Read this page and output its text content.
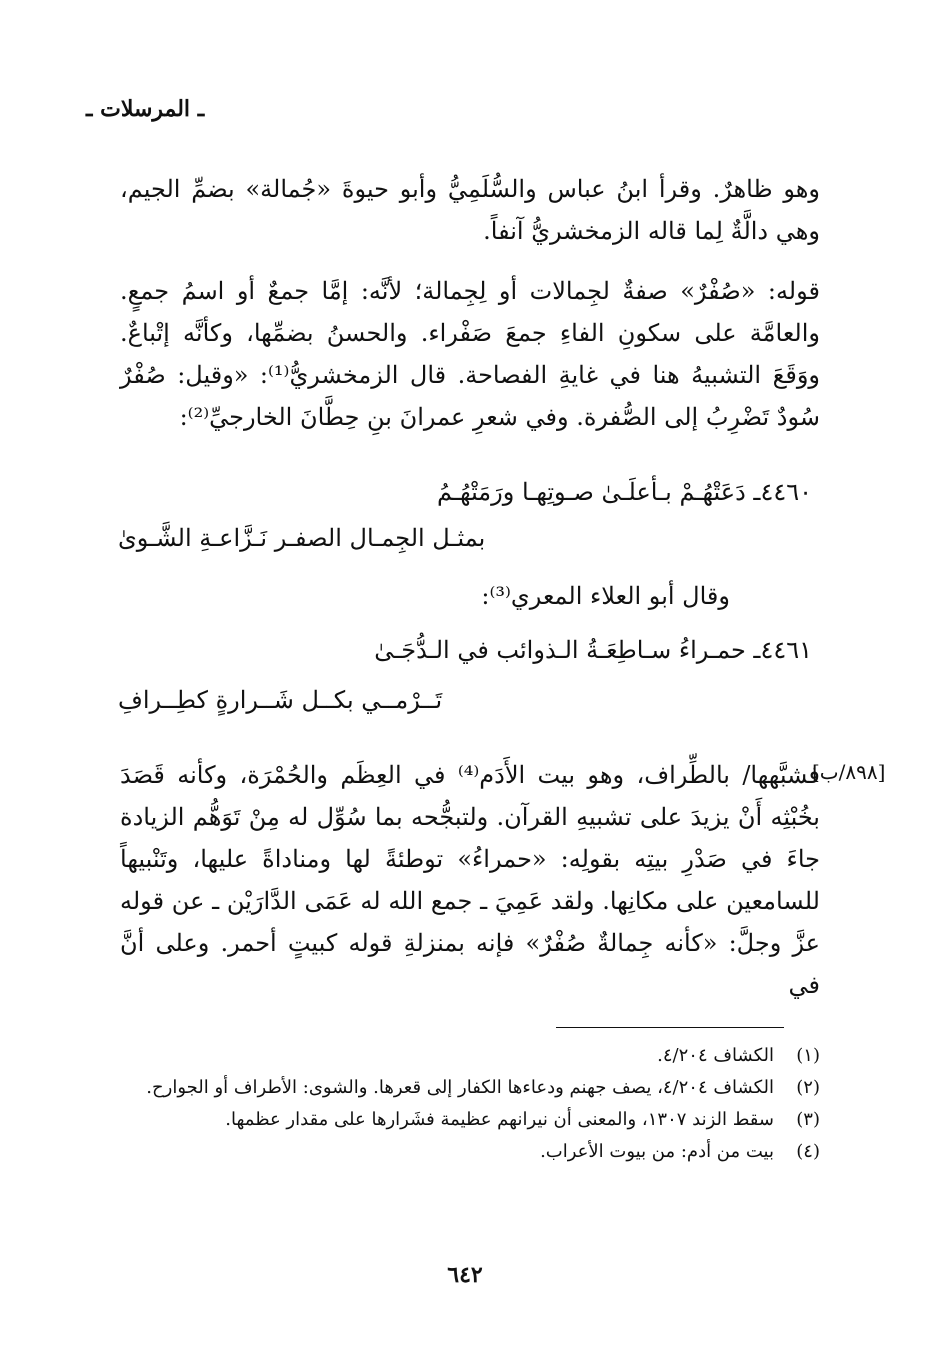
ـ المرسلات ـ
وهو ظاهرٌ. وقرأ ابنُ عباس والسُّلَمِيُّ وأبو حيوةَ «جُمالة» بضمِّ الجيم، وهي دالَّةٌ لِما قاله الزمخشريُّ آنفاً.
قوله: «صُفْرٌ» صفةٌ لجِمالات أو لِجِمالة؛ لأنَّه: إمَّا جمعٌ أو اسمُ جمعٍ. والعامَّة على سكونِ الفاءِ جمعَ صَفْراء. والحسنُ بضمِّها، وكأنَّه إتْباعٌ. ووَقَعَ التشبيهُ هنا في غايةِ الفصاحة. قال الزمخشريُّ⁽¹⁾: «وقيل: صُفْرٌ سُودٌ تَضْرِبُ إلى الصُّفرة. وفي شعرِ عمرانَ بنِ حِطَّانَ الخارجيِّ⁽²⁾:
٤٤٦٠ـ دَعَتْهُـمْ بـأعلَـىٰ صـوتِهـا ورَمَتْهُـمُ
بمثـل الجِمـال الصفـر نَـزَّاعـةِ الشَّـوىٰ
وقال أبو العلاء المعري⁽³⁾:
٤٤٦١ـ حمـراءُ سـاطِعَـةُ الـذوائب في الـدُّجَـىٰ
تَــرْمــي بكــل شَــرارةٍ كطِــرافِ
[٨٩٨/ب]
فشبَّهها/ بالطِّراف، وهو بيت الأَدَم⁽⁴⁾ في العِظَم والحُمْرَة، وكأنه قَصَدَ بخُبْثِه أَنْ يزيدَ على تشبيهِ القرآن. ولتبجُّحه بما سُوِّل له مِنْ تَوَهُّم الزيادة جاءَ في صَدْرِ بيتِه بقولِه: «حمراءُ» توطئةً لها ومناداةً عليها، وتَنْبيهاً للسامعين على مكانِها. ولقد عَمِيَ ـ جمع الله له عَمَى الدَّارَيْن ـ عن قوله عزَّ وجلَّ: «كأنه جِمالةٌ صُفْرٌ» فإنه بمنزلةِ قوله كبيتٍ أحمر. وعلى أنَّ في
(١)
الكشاف ٤/٢٠٤.
(٢)
الكشاف ٤/٢٠٤، يصف جهنم ودعاءها الكفار إلى قعرها. والشوى: الأطراف أو الجوارح.
(٣)
سقط الزند ١٣٠٧، والمعنى أن نيرانهم عظيمة فشَرارها على مقدار عظمها.
(٤)
بيت من أدم: من بيوت الأعراب.
٦٤٢
